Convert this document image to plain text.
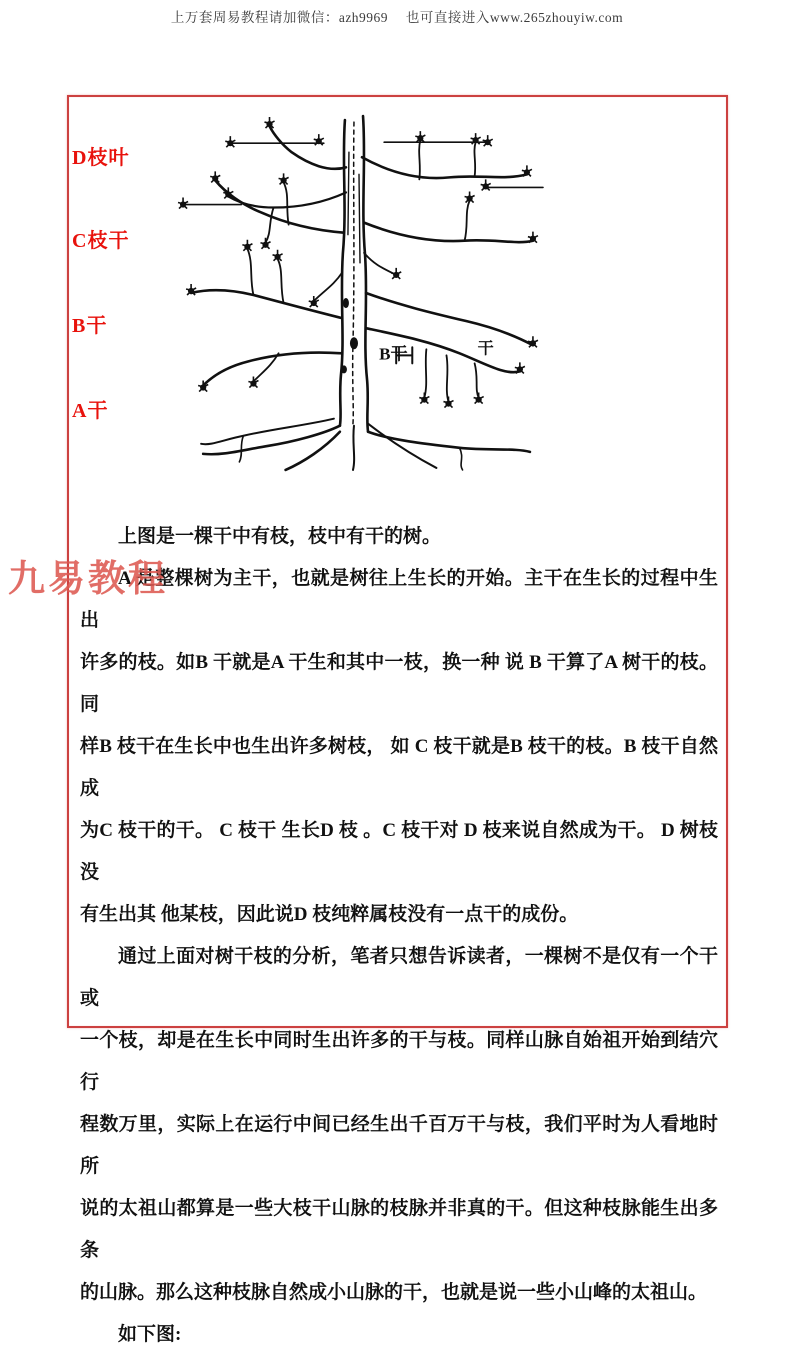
上万套周易教程请加微信：azh9969　 也可直接进入www.265zhouyiw.com
D枝叶
C枝干
B干
A干
B干	干
上图是一棵干中有枝，枝中有干的树。
A 是整棵树为主干，也就是树往上生长的开始。主干在生长的过程中生出
许多的枝。如B 干就是A 干生和其中一枝，换一种 说 B 干算了A 树干的枝。同
样B 枝干在生长中也生出许多树枝， 如 C 枝干就是B 枝干的枝。B 枝干自然成
为C 枝干的干。 C 枝干 生长D 枝 。C 枝干对 D 枝来说自然成为干。 D 树枝没
有生出其 他某枝，因此说D 枝纯粹属枝没有一点干的成份。
通过上面对树干枝的分析，笔者只想告诉读者，一棵树不是仅有一个干或
一个枝，却是在生长中同时生出许多的干与枝。同样山脉自始祖开始到结穴行
程数万里，实际上在运行中间已经生出千百万干与枝，我们平时为人看地时所
说的太祖山都算是一些大枝干山脉的枝脉并非真的干。但这种枝脉能生出多条
的山脉。那么这种枝脉自然成小山脉的干，也就是说一些小山峰的太祖山。
如下图:
九易教程
